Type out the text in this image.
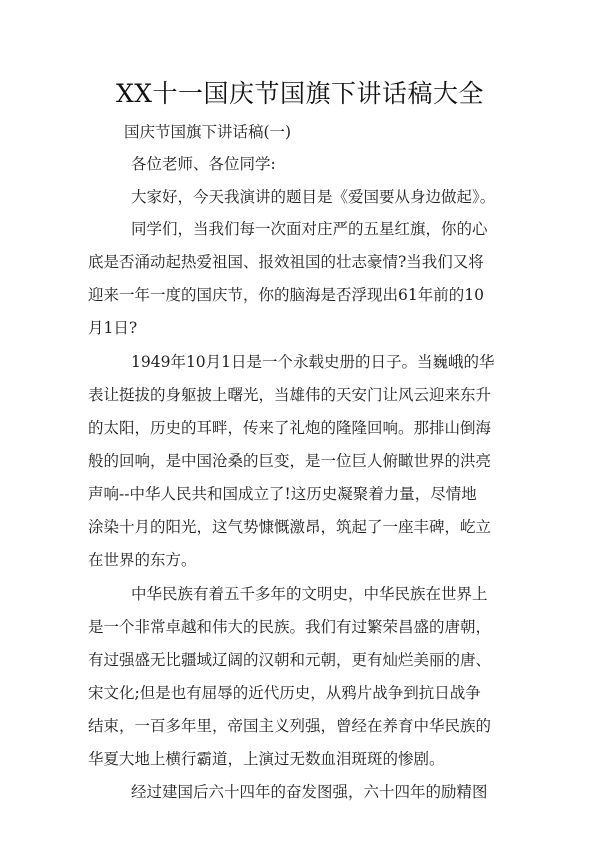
XX十一国庆节国旗下讲话稿大全
国庆节国旗下讲话稿(一)
各位老师、各位同学:
大家好，今天我演讲的题目是《爱国要从身边做起》。
同学们，当我们每一次面对庄严的五星红旗，你的心
底是否涌动起热爱祖国、报效祖国的壮志豪情?当我们又将
迎来一年一度的国庆节，你的脑海是否浮现出61年前的10
月1日?
1949年10月1日是一个永载史册的日子。当巍峨的华
表让挺拔的身躯披上曙光，当雄伟的天安门让风云迎来东升
的太阳，历史的耳畔，传来了礼炮的隆隆回响。那排山倒海
般的回响，是中国沧桑的巨变，是一位巨人俯瞰世界的洪亮
声响--中华人民共和国成立了!这历史凝聚着力量，尽情地
涂染十月的阳光，这气势慷慨激昂，筑起了一座丰碑，屹立
在世界的东方。
中华民族有着五千多年的文明史，中华民族在世界上
是一个非常卓越和伟大的民族。我们有过繁荣昌盛的唐朝，
有过强盛无比疆域辽阔的汉朝和元朝，更有灿烂美丽的唐、
宋文化;但是也有屈辱的近代历史，从鸦片战争到抗日战争
结束，一百多年里，帝国主义列强，曾经在养育中华民族的
华夏大地上横行霸道，上演过无数血泪斑斑的惨剧。
经过建国后六十四年的奋发图强，六十四年的励精图
